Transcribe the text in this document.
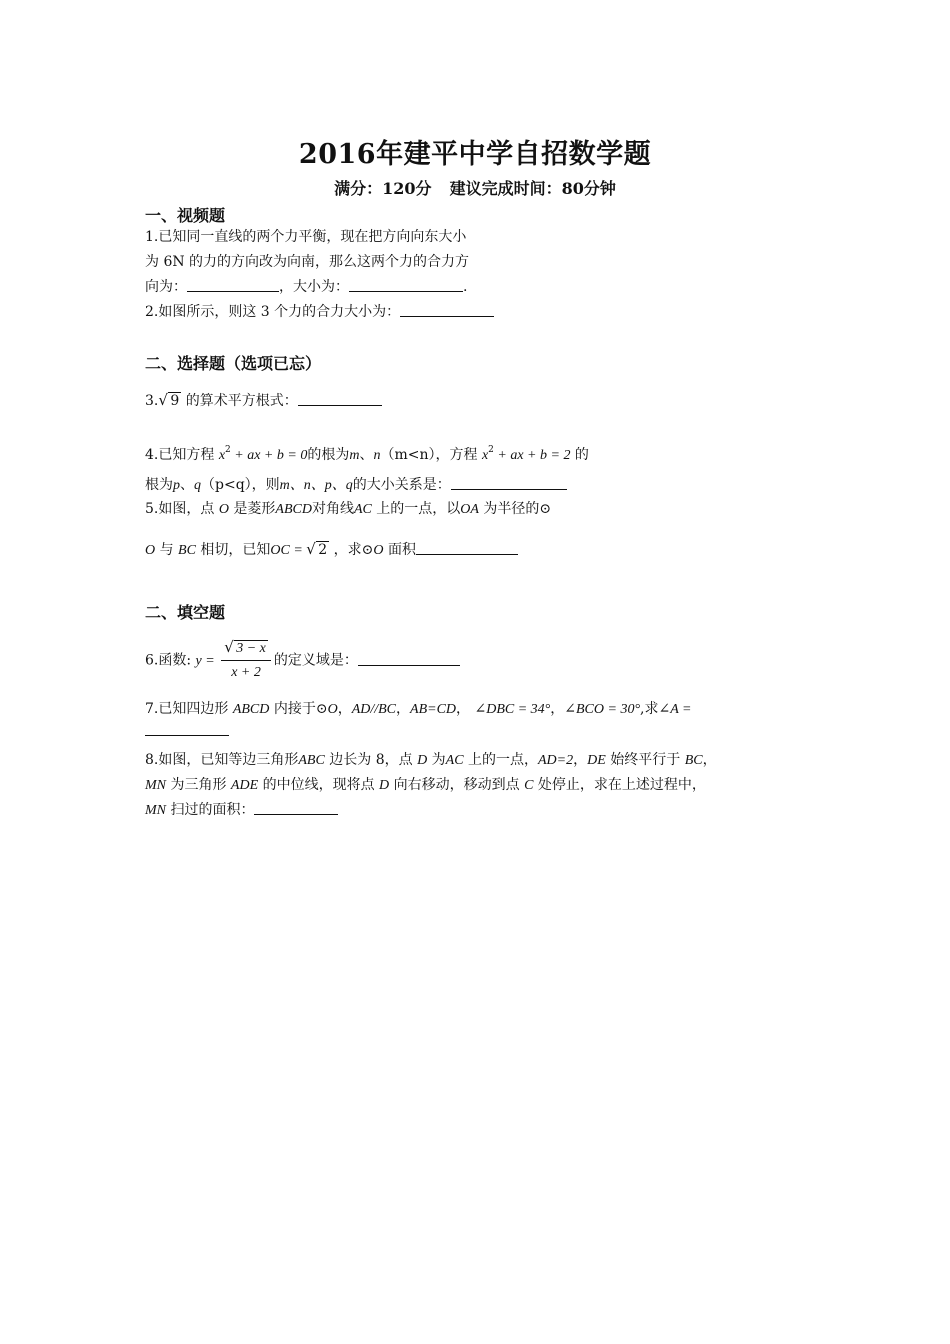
2016年建平中学自招数学题
满分：120分 建议完成时间：80分钟
一、视频题
1.已知同一直线的两个力平衡，现在把方向向东大小
为 6N 的力的方向改为向南，那么这两个力的合力方
向为：	，大小为：	.
2.如图所示，则这 3 个力的合力大小为：
二、选择题（选项已忘）
3. √ 9 的算术平方根式：
4.已知方程 $x^2$ + ax + b = 0的根为m、n（m<n），方程 $x^2$ + ax + b = 2 的
根为p、q（p<q），则m、n、p、q的大小关系是：
5.如图，点 O 是菱形ABCD对角线AC 上的一点，以OA 为半径的⊙
O 与 BC 相切，已知OC = √ 2 ，求⊙O 面积
二、填空题
6.函数: y = √ $\frac{3 - x}{x + 2}$ 的定义域是：
7.已知四边形 ABCD 内接于⊙O，AD//BC，AB=CD， ∠DBC = 34°，∠BCO = 30°,求∠A =
8.如图，已知等边三角形ABC 边长为 8，点 D 为AC 上的一点，AD=2，DE 始终平行于 BC，
MN 为三角形 ADE 的中位线，现将点 D 向右移动，移动到点 C 处停止，求在上述过程中，
MN 扫过的面积：
